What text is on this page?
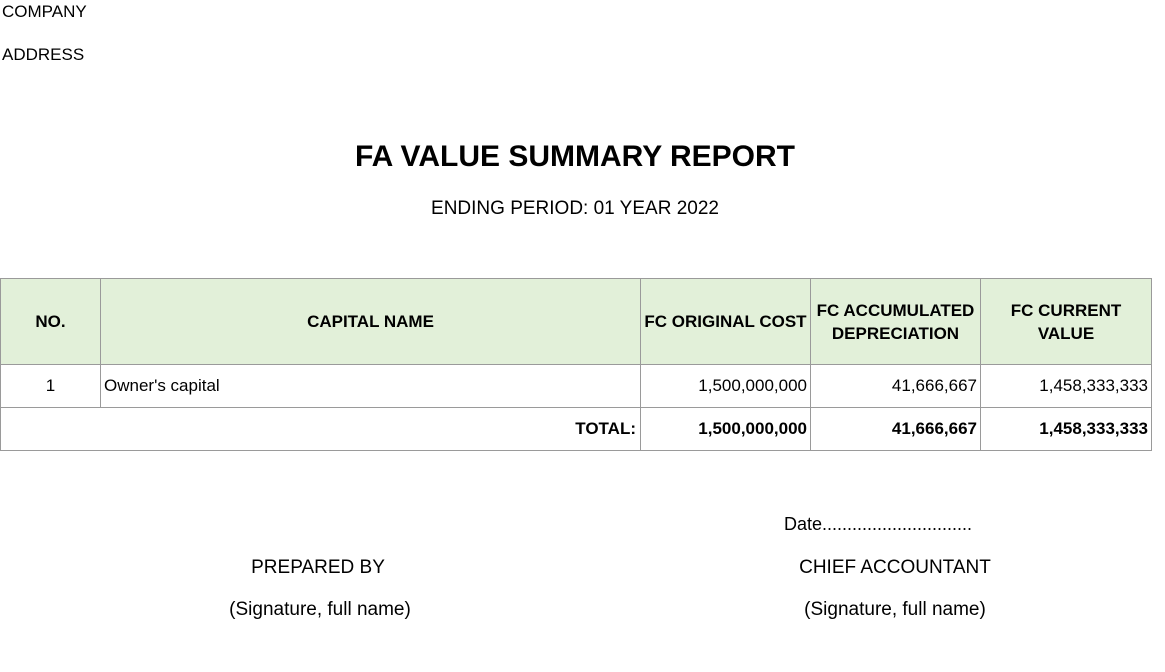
COMPANY
ADDRESS
FA VALUE SUMMARY REPORT
ENDING PERIOD: 01 YEAR 2022
NO.	CAPITAL NAME	FC ORIGINAL COST	FC ACCUMULATED DEPRECIATION	FC CURRENT VALUE
1	Owner's capital	1,500,000,000	41,666,667	1,458,333,333
TOTAL:		1,500,000,000	41,666,667	1,458,333,333
Date..............................
PREPARED BY
(Signature, full name)
CHIEF ACCOUNTANT
(Signature, full name)
